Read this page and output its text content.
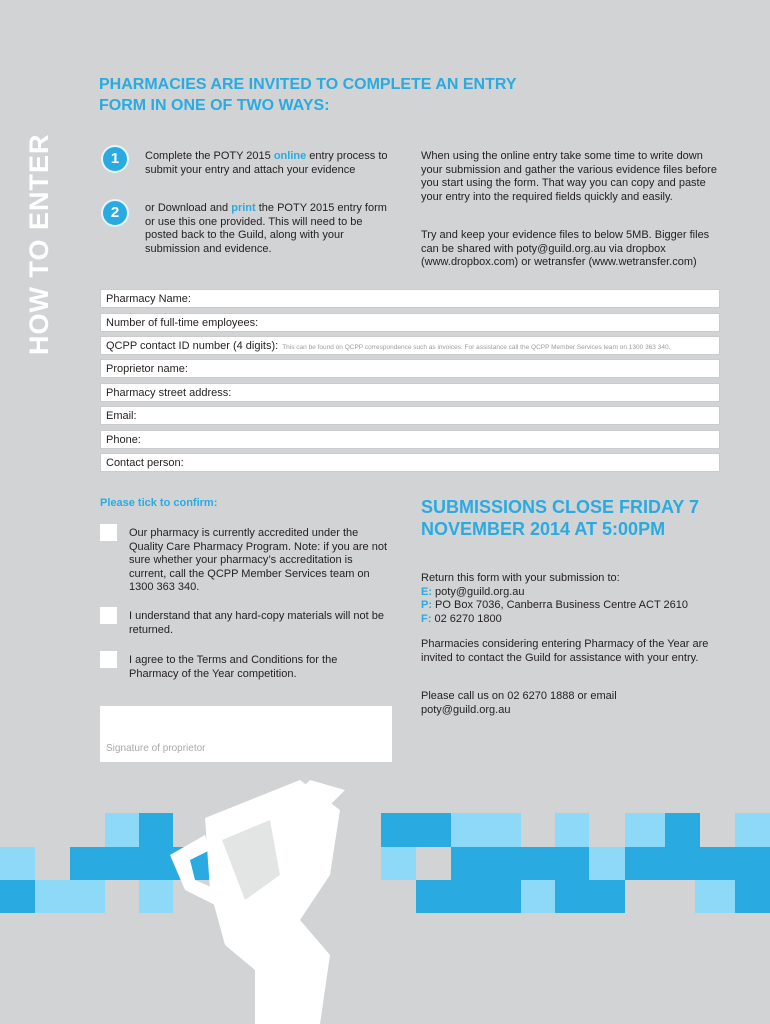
HOW TO ENTER
PHARMACIES ARE INVITED TO COMPLETE AN ENTRY FORM IN ONE OF TWO WAYS:
1	Complete the POTY 2015 online entry process to submit your entry and attach your evidence
2	or Download and print the POTY 2015 entry form or use this one provided. This will need to be posted back to the Guild, along with your submission and evidence.
When using the online entry take some time to write down your submission and gather the various evidence files before you start using the form. That way you can copy and paste your entry into the required fields quickly and easily.
Try and keep your evidence files to below 5MB. Bigger files can be shared with poty@guild.org.au via dropbox (www.dropbox.com) or wetransfer (www.wetransfer.com)
Pharmacy Name:
Number of full-time employees:
QCPP contact ID number (4 digits): This can be found on QCPP correspondence such as invoices. For assistance call the QCPP Member Services team on 1300 363 340.
Proprietor name:
Pharmacy street address:
Email:
Phone:
Contact person:
Please tick to confirm:
Our pharmacy is currently accredited under the Quality Care Pharmacy Program. Note: if you are not sure whether your pharmacy’s accreditation is current, call the QCPP Member Services team on 1300 363 340.
I understand that any hard-copy materials will not be returned.
I agree to the Terms and Conditions for the Pharmacy of the Year competition.
Signature of proprietor
SUBMISSIONS CLOSE FRIDAY 7 NOVEMBER 2014 AT 5:00PM
Return this form with your submission to:
E: poty@guild.org.au
P: PO Box 7036, Canberra Business Centre ACT 2610
F: 02 6270 1800
Pharmacies considering entering Pharmacy of the Year are invited to contact the Guild for assistance with your entry.
Please call us on 02 6270 1888 or email poty@guild.org.au
